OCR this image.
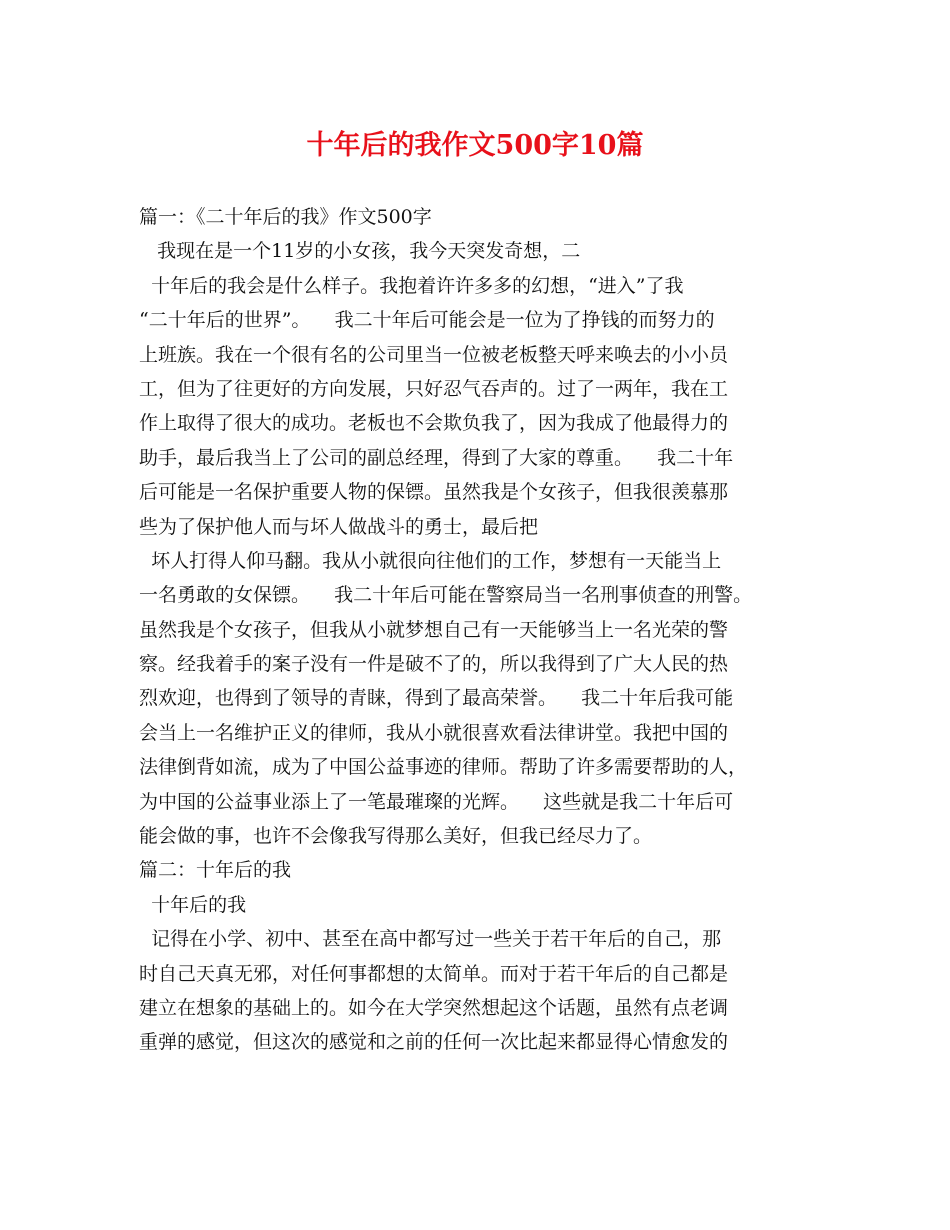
十年后的我作文500字10篇

篇一：《二十年后的我》作文500字

我现在是一个11岁的小女孩，我今天突发奇想，二

十年后的我会是什么样子。我抱着许许多多的幻想，“进入”了我

“二十年后的世界”。    我二十年后可能会是一位为了挣钱的而努力的

上班族。我在一个很有名的公司里当一位被老板整天呼来唤去的小小员

工，但为了往更好的方向发展，只好忍气吞声的。过了一两年，我在工

作上取得了很大的成功。老板也不会欺负我了，因为我成了他最得力的

助手，最后我当上了公司的副总经理，得到了大家的尊重。    我二十年

后可能是一名保护重要人物的保镖。虽然我是个女孩子，但我很羡慕那

些为了保护他人而与坏人做战斗的勇士，最后把

坏人打得人仰马翻。我从小就很向往他们的工作，梦想有一天能当上

一名勇敢的女保镖。    我二十年后可能在警察局当一名刑事侦查的刑警。

虽然我是个女孩子，但我从小就梦想自己有一天能够当上一名光荣的警

察。经我着手的案子没有一件是破不了的，所以我得到了广大人民的热

烈欢迎，也得到了领导的青睐，得到了最高荣誉。    我二十年后我可能

会当上一名维护正义的律师，我从小就很喜欢看法律讲堂。我把中国的

法律倒背如流，成为了中国公益事迹的律师。帮助了许多需要帮助的人，

为中国的公益事业添上了一笔最璀璨的光辉。    这些就是我二十年后可

能会做的事，也许不会像我写得那么美好，但我已经尽力了。

篇二：十年后的我

十年后的我

记得在小学、初中、甚至在高中都写过一些关于若干年后的自己，那

时自己天真无邪，对任何事都想的太简单。而对于若干年后的自己都是

建立在想象的基础上的。如今在大学突然想起这个话题，虽然有点老调

重弹的感觉，但这次的感觉和之前的任何一次比起来都显得心情愈发的
